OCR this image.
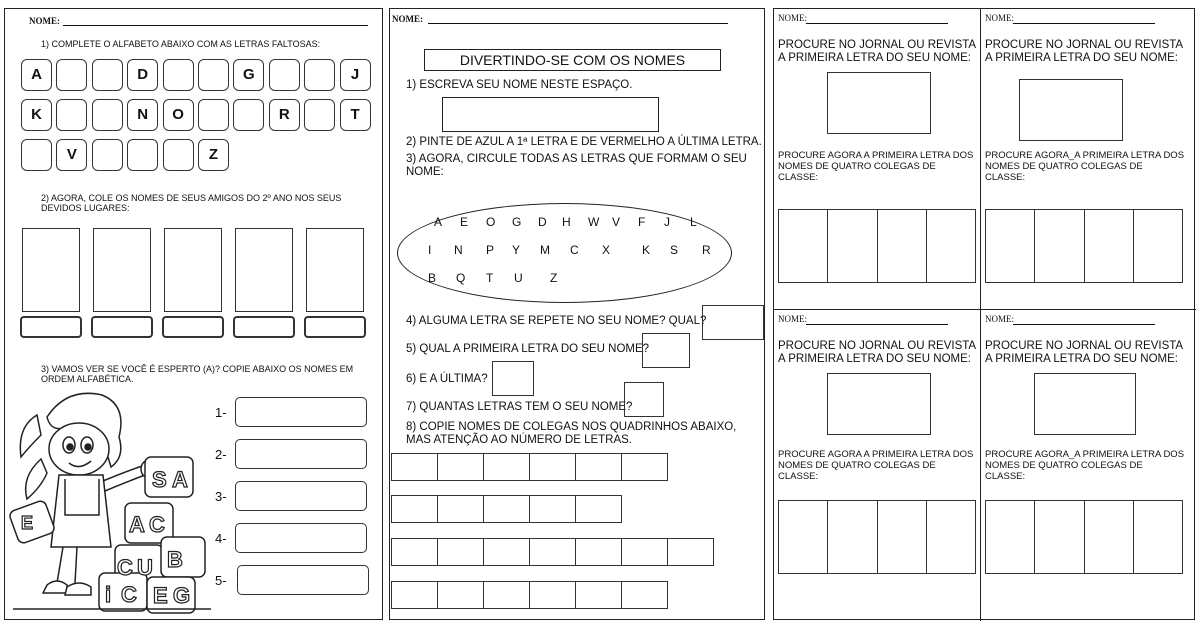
NOME:
1) COMPLETE O ALFABETO ABAIXO COM AS LETRAS FALTOSAS:
A	D	G	J
K	N	O	R	T
V	Z
2) AGORA, COLE OS NOMES DE SEUS AMIGOS DO 2º ANO NOS SEUS DEVIDOS LUGARES:
3) VAMOS VER SE VOCÊ É ESPERTO (A)? COPIE ABAIXO OS NOMES EM ORDEM ALFABÉTICA.
1-
2-
3-
4-
5-
S A
A C
C U B
i C E G
E
NOME:
DIVERTINDO-SE COM OS NOMES
1) ESCREVA SEU NOME NESTE ESPAÇO.
2) PINTE DE AZUL A 1ª LETRA E DE VERMELHO A ÚLTIMA LETRA.
3) AGORA, CIRCULE TODAS AS LETRAS QUE FORMAM O SEU NOME:
A E O G D H W V F J L
I N P Y M C X	K S R
B Q T U Z
4) ALGUMA LETRA SE REPETE NO SEU NOME? QUAL?
5) QUAL A PRIMEIRA LETRA DO SEU NOME?
6) E A ÚLTIMA?
7) QUANTAS LETRAS TEM O SEU NOME?
8) COPIE NOMES DE COLEGAS NOS QUADRINHOS ABAIXO, MAS ATENÇÃO AO NÚMERO DE LETRAS.
NOME:
PROCURE NO JORNAL OU REVISTA A PRIMEIRA LETRA DO SEU NOME:
PROCURE AGORA A PRIMEIRA LETRA DOS NOMES DE QUATRO COLEGAS DE CLASSE:
NOME:
PROCURE NO JORNAL OU REVISTA A PRIMEIRA LETRA DO SEU NOME:
PROCURE AGORA_A PRIMEIRA LETRA DOS NOMES DE QUATRO COLEGAS DE CLASSE:
NOME:
PROCURE NO JORNAL OU REVISTA A PRIMEIRA LETRA DO SEU NOME:
PROCURE AGORA A PRIMEIRA LETRA DOS NOMES DE QUATRO COLEGAS DE CLASSE:
NOME:
PROCURE NO JORNAL OU REVISTA A PRIMEIRA LETRA DO SEU NOME:
PROCURE AGORA_A PRIMEIRA LETRA DOS NOMES DE QUATRO COLEGAS DE CLASSE:
